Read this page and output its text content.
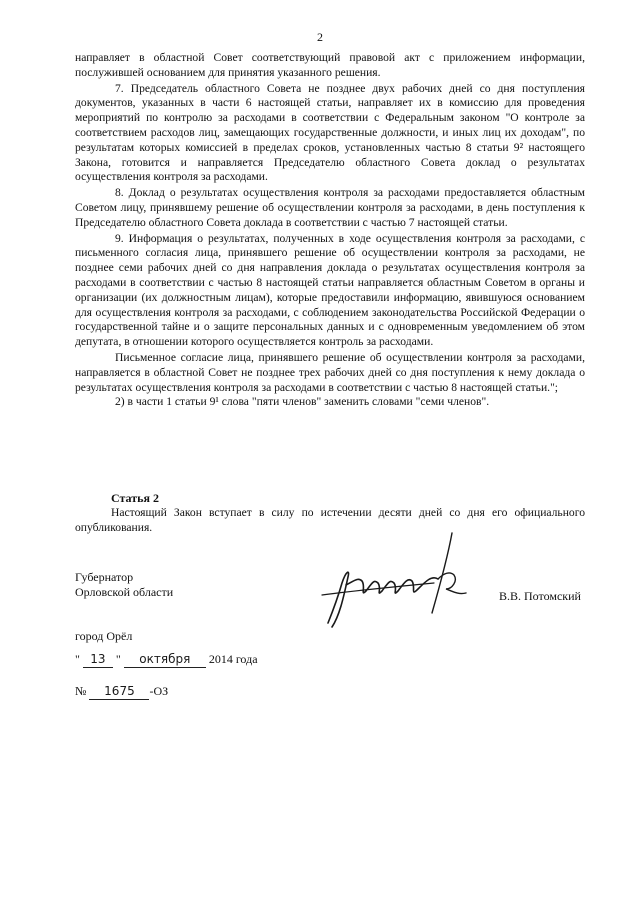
2

направляет в областной Совет соответствующий правовой акт с приложением информации, послужившей основанием для принятия указанного решения.

7. Председатель областного Совета не позднее двух рабочих дней со дня поступления документов, указанных в части 6 настоящей статьи, направляет их в комиссию для проведения мероприятий по контролю за расходами в соответствии с Федеральным законом "О контроле за соответствием расходов лиц, замещающих государственные должности, и иных лиц их доходам", по результатам которых комиссией в пределах сроков, установленных частью 8 статьи 9² настоящего Закона, готовится и направляется Председателю областного Совета доклад о результатах осуществления контроля за расходами.

8. Доклад о результатах осуществления контроля за расходами предоставляется областным Советом лицу, принявшему решение об осуществлении контроля за расходами, в день поступления к Председателю областного Совета доклада в соответствии с частью 7 настоящей статьи.

9. Информация о результатах, полученных в ходе осуществления контроля за расходами, с письменного согласия лица, принявшего решение об осуществлении контроля за расходами, не позднее семи рабочих дней со дня направления доклада о результатах осуществления контроля за расходами в соответствии с частью 8 настоящей статьи направляется областным Советом в органы и организации (их должностным лицам), которые предоставили информацию, явившуюся основанием для осуществления контроля за расходами, с соблюдением законодательства Российской Федерации о государственной тайне и о защите персональных данных и с одновременным уведомлением об этом депутата, в отношении которого осуществляется контроль за расходами.

Письменное согласие лица, принявшего решение об осуществлении контроля за расходами, направляется в областной Совет не позднее трех рабочих дней со дня поступления к нему доклада о результатах осуществления контроля за расходами в соответствии с частью 8 настоящей статьи.";

2) в части 1 статьи 9¹ слова "пяти членов" заменить словами "семи членов".

Статья 2
Настоящий Закон вступает в силу по истечении десяти дней со дня его официального опубликования.
Губернатор
Орловской области	В.В. Потомский
город Орёл
" 13 " октября 2014 года
№ 1675 -ОЗ
